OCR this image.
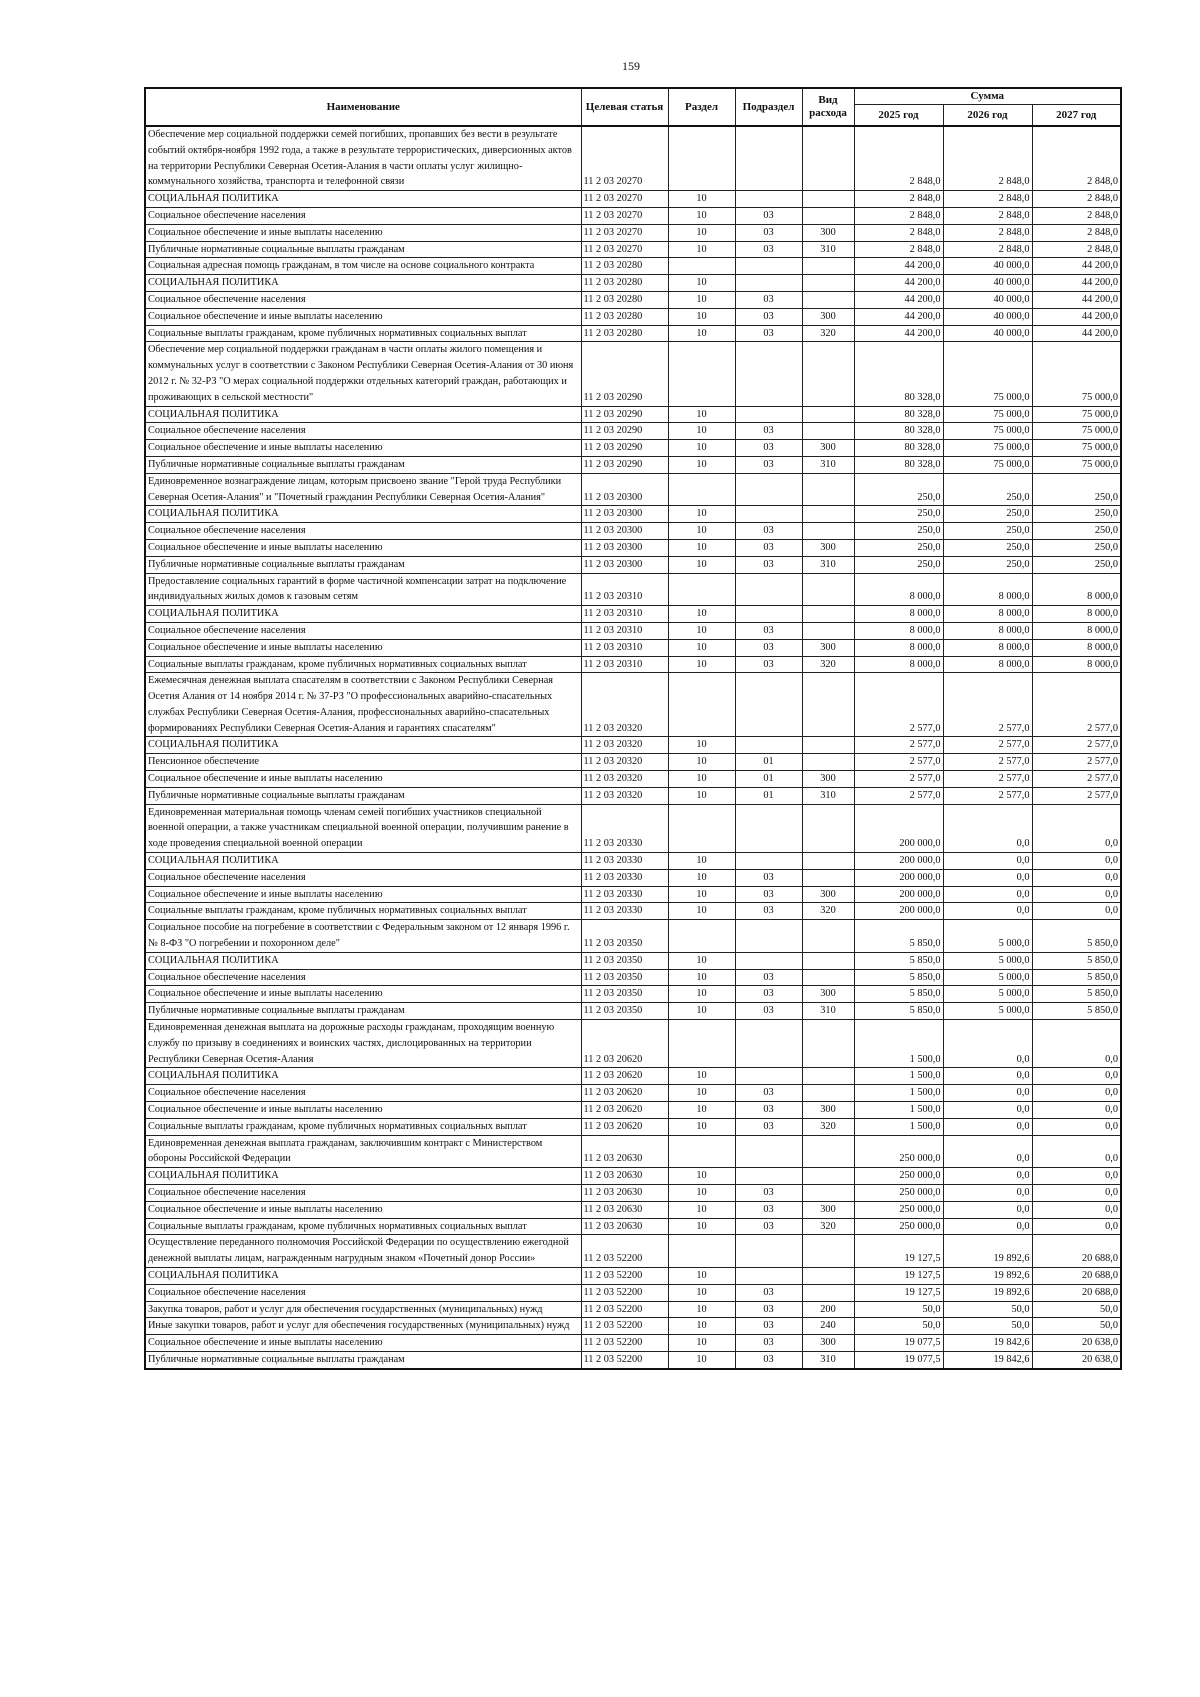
159
Наименование	Целевая статья	Раздел	Подраздел	Вид расхода	Сумма		
					2025 год	2026 год	2027 год
Обеспечение мер социальной поддержки семей погибших, пропавших без вести в результате событий октября-ноября 1992 года, а также в результате террористических, диверсионных актов на территории Республики Северная Осетия-Алания в части оплаты услуг жилищно-коммунального хозяйства, транспорта и телефонной связи	11 2 03 20270				2 848,0	2 848,0	2 848,0
СОЦИАЛЬНАЯ ПОЛИТИКА	11 2 03 20270	10			2 848,0	2 848,0	2 848,0
Социальное обеспечение населения	11 2 03 20270	10	03		2 848,0	2 848,0	2 848,0
Социальное обеспечение и иные выплаты населению	11 2 03 20270	10	03	300	2 848,0	2 848,0	2 848,0
Публичные нормативные социальные выплаты гражданам	11 2 03 20270	10	03	310	2 848,0	2 848,0	2 848,0
Социальная адресная помощь гражданам, в том числе на основе социального контракта	11 2 03 20280				44 200,0	40 000,0	44 200,0
СОЦИАЛЬНАЯ ПОЛИТИКА	11 2 03 20280	10			44 200,0	40 000,0	44 200,0
Социальное обеспечение населения	11 2 03 20280	10	03		44 200,0	40 000,0	44 200,0
Социальное обеспечение и иные выплаты населению	11 2 03 20280	10	03	300	44 200,0	40 000,0	44 200,0
Социальные выплаты гражданам, кроме публичных нормативных социальных выплат	11 2 03 20280	10	03	320	44 200,0	40 000,0	44 200,0
Обеспечение мер социальной поддержки гражданам в части оплаты жилого помещения и коммунальных услуг в соответствии с Законом Республики Северная Осетия-Алания от 30 июня 2012 г. № 32-РЗ "О мерах социальной поддержки отдельных категорий граждан, работающих и проживающих в сельской местности"	11 2 03 20290				80 328,0	75 000,0	75 000,0
СОЦИАЛЬНАЯ ПОЛИТИКА	11 2 03 20290	10			80 328,0	75 000,0	75 000,0
Социальное обеспечение населения	11 2 03 20290	10	03		80 328,0	75 000,0	75 000,0
Социальное обеспечение и иные выплаты населению	11 2 03 20290	10	03	300	80 328,0	75 000,0	75 000,0
Публичные нормативные социальные выплаты гражданам	11 2 03 20290	10	03	310	80 328,0	75 000,0	75 000,0
Единовременное вознаграждение лицам, которым присвоено звание "Герой труда Республики Северная Осетия-Алания" и "Почетный гражданин Республики Северная Осетия-Алания"	11 2 03 20300				250,0	250,0	250,0
СОЦИАЛЬНАЯ ПОЛИТИКА	11 2 03 20300	10			250,0	250,0	250,0
Социальное обеспечение населения	11 2 03 20300	10	03		250,0	250,0	250,0
Социальное обеспечение и иные выплаты населению	11 2 03 20300	10	03	300	250,0	250,0	250,0
Публичные нормативные социальные выплаты гражданам	11 2 03 20300	10	03	310	250,0	250,0	250,0
Предоставление социальных гарантий в форме частичной компенсации затрат на подключение индивидуальных жилых домов к газовым сетям	11 2 03 20310				8 000,0	8 000,0	8 000,0
СОЦИАЛЬНАЯ ПОЛИТИКА	11 2 03 20310	10			8 000,0	8 000,0	8 000,0
Социальное обеспечение населения	11 2 03 20310	10	03		8 000,0	8 000,0	8 000,0
Социальное обеспечение и иные выплаты населению	11 2 03 20310	10	03	300	8 000,0	8 000,0	8 000,0
Социальные выплаты гражданам, кроме публичных нормативных социальных выплат	11 2 03 20310	10	03	320	8 000,0	8 000,0	8 000,0
Ежемесячная денежная выплата спасателям в соответствии с Законом Республики Северная Осетия Алания от 14 ноября 2014 г. № 37-РЗ "О профессиональных аварийно-спасательных службах Республики Северная Осетия-Алания, профессиональных аварийно-спасательных формированиях Республики Северная Осетия-Алания и гарантиях спасателям"	11 2 03 20320				2 577,0	2 577,0	2 577,0
СОЦИАЛЬНАЯ ПОЛИТИКА	11 2 03 20320	10			2 577,0	2 577,0	2 577,0
Пенсионное обеспечение	11 2 03 20320	10	01		2 577,0	2 577,0	2 577,0
Социальное обеспечение и иные выплаты населению	11 2 03 20320	10	01	300	2 577,0	2 577,0	2 577,0
Публичные нормативные социальные выплаты гражданам	11 2 03 20320	10	01	310	2 577,0	2 577,0	2 577,0
Единовременная материальная помощь членам семей погибших участников специальной военной операции, а также участникам специальной военной операции, получившим ранение в ходе проведения специальной военной операции	11 2 03 20330				200 000,0	0,0	0,0
СОЦИАЛЬНАЯ ПОЛИТИКА	11 2 03 20330	10			200 000,0	0,0	0,0
Социальное обеспечение населения	11 2 03 20330	10	03		200 000,0	0,0	0,0
Социальное обеспечение и иные выплаты населению	11 2 03 20330	10	03	300	200 000,0	0,0	0,0
Социальные выплаты гражданам, кроме публичных нормативных социальных выплат	11 2 03 20330	10	03	320	200 000,0	0,0	0,0
Социальное пособие на погребение в соответствии с Федеральным законом от 12 января 1996 г. № 8-ФЗ "О погребении и похоронном деле"	11 2 03 20350				5 850,0	5 000,0	5 850,0
СОЦИАЛЬНАЯ ПОЛИТИКА	11 2 03 20350	10			5 850,0	5 000,0	5 850,0
Социальное обеспечение населения	11 2 03 20350	10	03		5 850,0	5 000,0	5 850,0
Социальное обеспечение и иные выплаты населению	11 2 03 20350	10	03	300	5 850,0	5 000,0	5 850,0
Публичные нормативные социальные выплаты гражданам	11 2 03 20350	10	03	310	5 850,0	5 000,0	5 850,0
Единовременная денежная выплата на дорожные расходы гражданам, проходящим военную службу по призыву в соединениях и воинских частях, дислоцированных на территории Республики Северная Осетия-Алания	11 2 03 20620				1 500,0	0,0	0,0
СОЦИАЛЬНАЯ ПОЛИТИКА	11 2 03 20620	10			1 500,0	0,0	0,0
Социальное обеспечение населения	11 2 03 20620	10	03		1 500,0	0,0	0,0
Социальное обеспечение и иные выплаты населению	11 2 03 20620	10	03	300	1 500,0	0,0	0,0
Социальные выплаты гражданам, кроме публичных нормативных социальных выплат	11 2 03 20620	10	03	320	1 500,0	0,0	0,0
Единовременная денежная выплата гражданам, заключившим контракт с Министерством обороны Российской Федерации	11 2 03 20630				250 000,0	0,0	0,0
СОЦИАЛЬНАЯ ПОЛИТИКА	11 2 03 20630	10			250 000,0	0,0	0,0
Социальное обеспечение населения	11 2 03 20630	10	03		250 000,0	0,0	0,0
Социальное обеспечение и иные выплаты населению	11 2 03 20630	10	03	300	250 000,0	0,0	0,0
Социальные выплаты гражданам, кроме публичных нормативных социальных выплат	11 2 03 20630	10	03	320	250 000,0	0,0	0,0
Осуществление переданного полномочия Российской Федерации по осуществлению ежегодной денежной выплаты лицам, награжденным нагрудным знаком «Почетный донор России»	11 2 03 52200				19 127,5	19 892,6	20 688,0
СОЦИАЛЬНАЯ ПОЛИТИКА	11 2 03 52200	10			19 127,5	19 892,6	20 688,0
Социальное обеспечение населения	11 2 03 52200	10	03		19 127,5	19 892,6	20 688,0
Закупка товаров, работ и услуг для обеспечения государственных (муниципальных) нужд	11 2 03 52200	10	03	200	50,0	50,0	50,0
Иные закупки товаров, работ и услуг для обеспечения государственных (муниципальных) нужд	11 2 03 52200	10	03	240	50,0	50,0	50,0
Социальное обеспечение и иные выплаты населению	11 2 03 52200	10	03	300	19 077,5	19 842,6	20 638,0
Публичные нормативные социальные выплаты гражданам	11 2 03 52200	10	03	310	19 077,5	19 842,6	20 638,0
